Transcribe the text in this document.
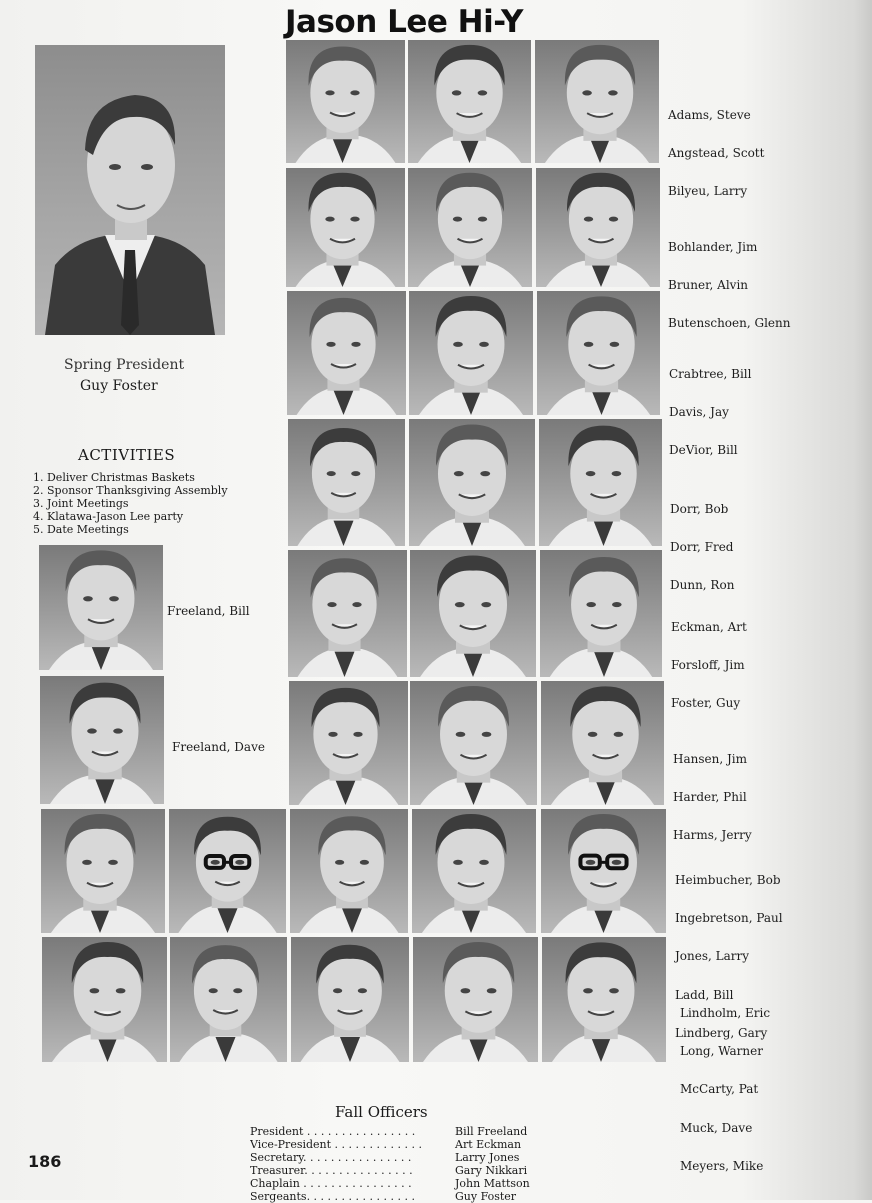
Jason Lee Hi-Y
Spring President
Guy Foster
ACTIVITIES
1. Deliver Christmas Baskets
2. Sponsor Thanksgiving Assembly
3. Joint Meetings
4. Klatawa-Jason Lee party
5. Date Meetings
Freeland, Bill
Freeland, Dave

Adams, Steve

Angstead, Scott

Bilyeu, Larry

Bohlander, Jim

Bruner, Alvin

Butenschoen, Glenn

Crabtree, Bill

Davis, Jay

DeVior, Bill

Dorr, Bob

Dorr, Fred

Dunn, Ron

Eckman, Art

Forsloff, Jim

Foster, Guy

Hansen, Jim

Harder, Phil

Harms, Jerry

Heimbucher, Bob

Ingebretson, Paul

Jones, Larry

Ladd, Bill

Lindberg, Gary

Lindholm, Eric

Long, Warner

McCarty, Pat

Muck, Dave

Meyers, Mike

Fall Officers
President . . . . . . . . . . . . . . . .	Bill Freeland
Vice-President . . . . . . . . . . . . .	Art Eckman
Secretary. . . . . . . . . . . . . . . .	Larry Jones
Treasurer. . . . . . . . . . . . . . . .	Gary Nikkari
Chaplain . . . . . . . . . . . . . . . .	John Mattson
Sergeants. . . . . . . . . . . . . . . .	Guy Foster
186
